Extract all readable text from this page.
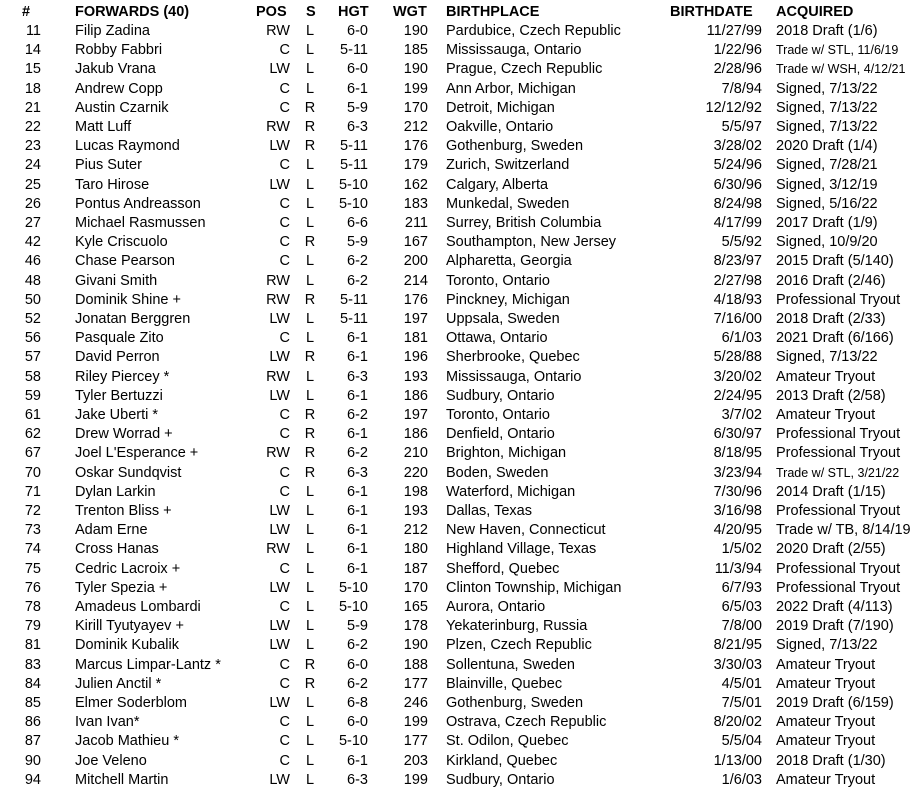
#	FORWARDS (40)	POS S HGT WGT BIRTHPLACE	BIRTHDATE ACQUIRED
11 Filip Zadina	RW	L	6-0	190 Pardubice, Czech Republic	11/27/99 2018 Draft (1/6)
14 Robby Fabbri	C	L	5-11	185 Mississauga, Ontario	1/22/96 Trade w/ STL, 11/6/19
15 Jakub Vrana	LW	L	6-0	190 Prague, Czech Republic	2/28/96 Trade w/ WSH, 4/12/21
18 Andrew Copp	C	L	6-1	199 Ann Arbor, Michigan	7/8/94 Signed, 7/13/22
21 Austin Czarnik	C	R	5-9	170 Detroit, Michigan	12/12/92 Signed, 7/13/22
22 Matt Luff	RW	R	6-3	212 Oakville, Ontario	5/5/97 Signed, 7/13/22
23 Lucas Raymond	LW	R	5-11	176 Gothenburg, Sweden	3/28/02 2020 Draft (1/4)
24 Pius Suter	C	L	5-11	179 Zurich, Switzerland	5/24/96 Signed, 7/28/21
25 Taro Hirose	LW	L	5-10	162 Calgary, Alberta	6/30/96 Signed, 3/12/19
26 Pontus Andreasson	C	L	5-10	183 Munkedal, Sweden	8/24/98 Signed, 5/16/22
27 Michael Rasmussen	C	L	6-6	211 Surrey, British Columbia	4/17/99 2017 Draft (1/9)
42 Kyle Criscuolo	C	R	5-9	167 Southampton, New Jersey	5/5/92 Signed, 10/9/20
46 Chase Pearson	C	L	6-2	200 Alpharetta, Georgia	8/23/97 2015 Draft (5/140)
48 Givani Smith	RW	L	6-2	214 Toronto, Ontario	2/27/98 2016 Draft (2/46)
50 Dominik Shine +	RW	R	5-11	176 Pinckney, Michigan	4/18/93 Professional Tryout
52 Jonatan Berggren	LW	L	5-11	197 Uppsala, Sweden	7/16/00 2018 Draft (2/33)
56 Pasquale Zito	C	L	6-1	181 Ottawa, Ontario	6/1/03 2021 Draft (6/166)
57 David Perron	LW	R	6-1	196 Sherbrooke, Quebec	5/28/88 Signed, 7/13/22
58 Riley Piercey *	RW	L	6-3	193 Mississauga, Ontario	3/20/02 Amateur Tryout
59 Tyler Bertuzzi	LW	L	6-1	186 Sudbury, Ontario	2/24/95 2013 Draft (2/58)
61 Jake Uberti *	C	R	6-2	197 Toronto, Ontario	3/7/02 Amateur Tryout
62 Drew Worrad +	C	R	6-1	186 Denfield, Ontario	6/30/97 Professional Tryout
67 Joel L'Esperance +	RW	R	6-2	210 Brighton, Michigan	8/18/95 Professional Tryout
70 Oskar Sundqvist	C	R	6-3	220 Boden, Sweden	3/23/94 Trade w/ STL, 3/21/22
71 Dylan Larkin	C	L	6-1	198 Waterford, Michigan	7/30/96 2014 Draft (1/15)
72 Trenton Bliss +	LW	L	6-1	193 Dallas, Texas	3/16/98 Professional Tryout
73 Adam Erne	LW	L	6-1	212 New Haven, Connecticut	4/20/95 Trade w/ TB, 8/14/19
74 Cross Hanas	RW	L	6-1	180 Highland Village, Texas	1/5/02 2020 Draft (2/55)
75 Cedric Lacroix +	C	L	6-1	187 Shefford, Quebec	11/3/94 Professional Tryout
76 Tyler Spezia +	LW	L	5-10	170 Clinton Township, Michigan	6/7/93 Professional Tryout
78 Amadeus Lombardi	C	L	5-10	165 Aurora, Ontario	6/5/03 2022 Draft (4/113)
79 Kirill Tyutyayev +	LW	L	5-9	178 Yekaterinburg, Russia	7/8/00 2019 Draft (7/190)
81 Dominik Kubalik	LW	L	6-2	190 Plzen, Czech Republic	8/21/95 Signed, 7/13/22
83 Marcus Limpar-Lantz *	C	R	6-0	188 Sollentuna, Sweden	3/30/03 Amateur Tryout
84 Julien Anctil *	C	R	6-2	177 Blainville, Quebec	4/5/01 Amateur Tryout
85 Elmer Soderblom	LW	L	6-8	246 Gothenburg, Sweden	7/5/01 2019 Draft (6/159)
86 Ivan Ivan*	C	L	6-0	199 Ostrava, Czech Republic	8/20/02 Amateur Tryout
87 Jacob Mathieu *	C	L	5-10	177 St. Odilon, Quebec	5/5/04 Amateur Tryout
90 Joe Veleno	C	L	6-1	203 Kirkland, Quebec	1/13/00 2018 Draft (1/30)
94 Mitchell Martin	LW	L	6-3	199 Sudbury, Ontario	1/6/03 Amateur Tryout
